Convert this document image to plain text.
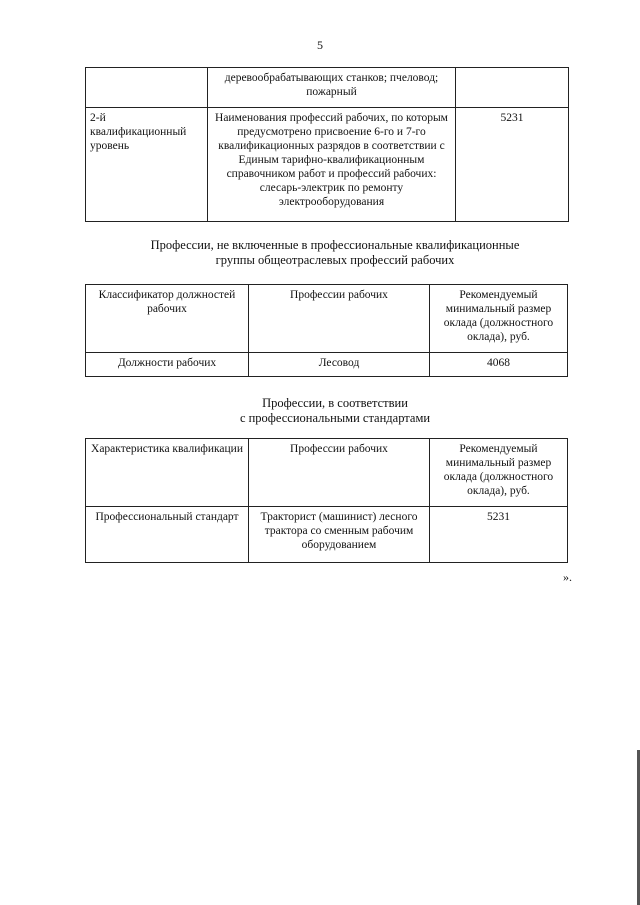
5
	деревообрабатывающих станков; пчеловод; пожарный	
2-й квалификационный уровень	Наименования профессий рабочих, по которым предусмотрено присвоение 6-го и 7-го квалификационных разрядов в соответствии с Единым тарифно-квалификационным справочником работ и профессий рабочих: слесарь-электрик по ремонту электрооборудования	5231
Профессии, не включенные в профессиональные квалификационные
группы общеотраслевых профессий рабочих
Классификатор должностей рабочих	Профессии рабочих	Рекомендуемый минимальный размер оклада (должностного оклада), руб.
Должности рабочих	Лесовод	4068
Профессии, в соответствии
с профессиональными стандартами
Характеристика квалификации	Профессии рабочих	Рекомендуемый минимальный размер оклада (должностного оклада), руб.
Профессиональный стандарт	Тракторист (машинист) лесного трактора со сменным рабочим оборудованием	5231
».
